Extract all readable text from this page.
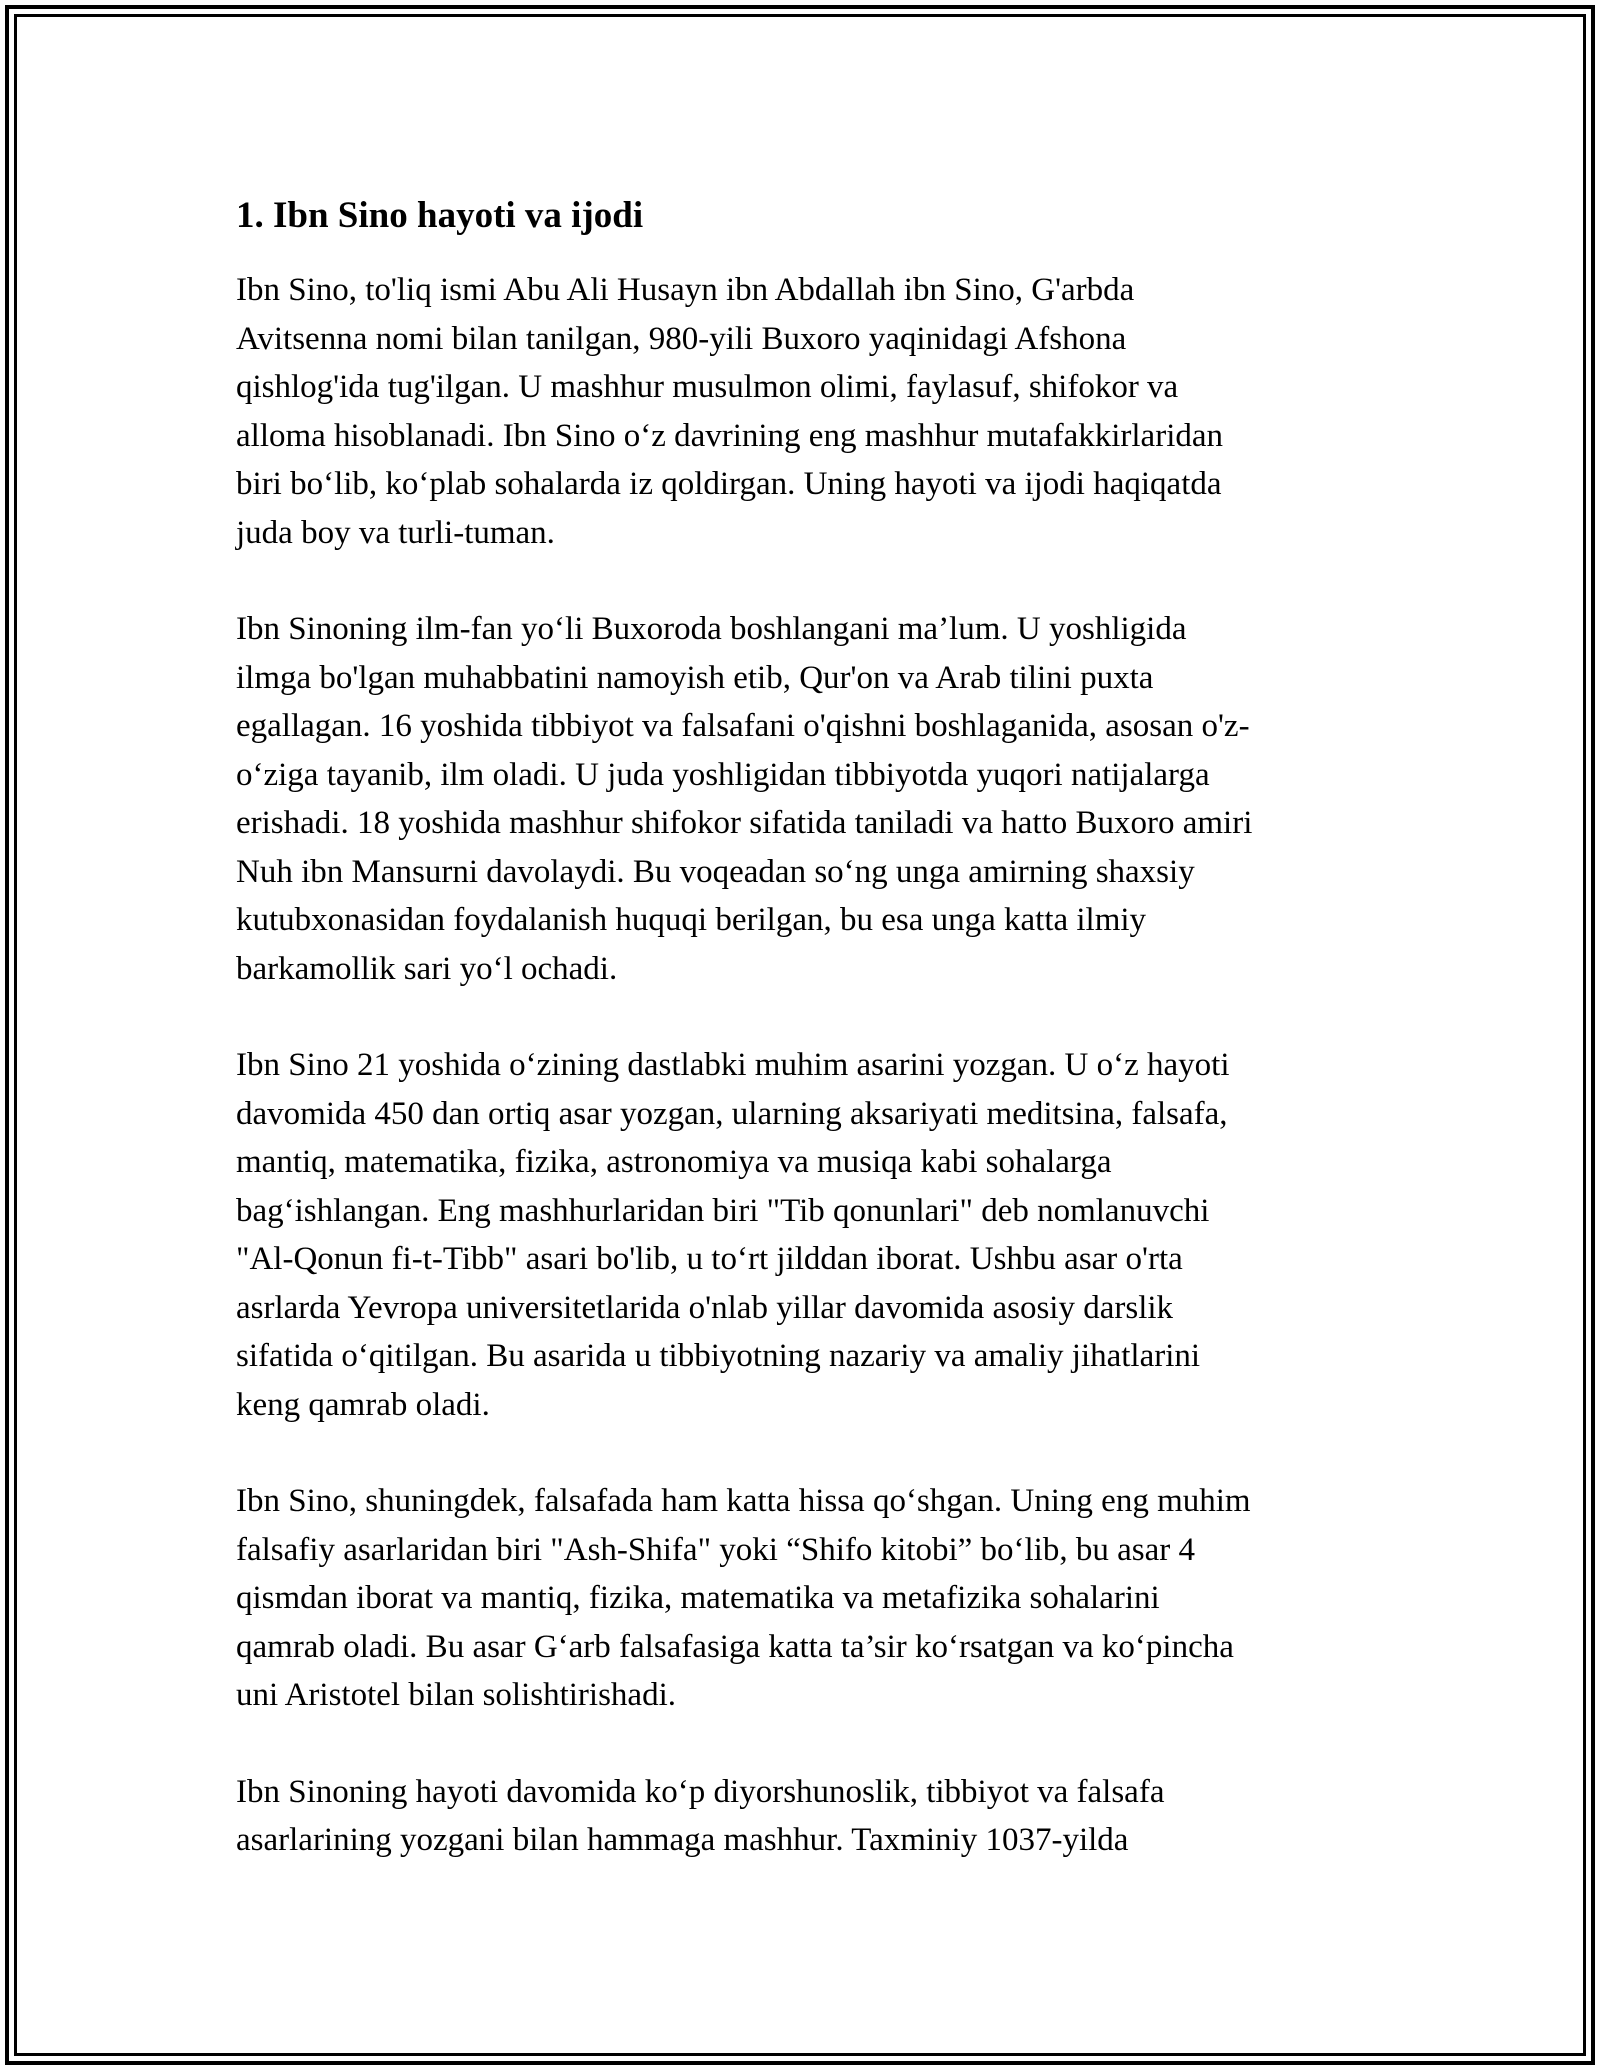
1. Ibn Sino hayoti va ijodi

Ibn Sino, to'liq ismi Abu Ali Husayn ibn Abdallah ibn Sino, G'arbda
Avitsenna nomi bilan tanilgan, 980-yili Buxoro yaqinidagi Afshona
qishlog'ida tug'ilgan. U mashhur musulmon olimi, faylasuf, shifokor va
alloma hisoblanadi. Ibn Sino o‘z davrining eng mashhur mutafakkirlaridan
biri bo‘lib, ko‘plab sohalarda iz qoldirgan. Uning hayoti va ijodi haqiqatda
juda boy va turli-tuman.

Ibn Sinoning ilm-fan yo‘li Buxoroda boshlangani ma’lum. U yoshligida
ilmga bo'lgan muhabbatini namoyish etib, Qur'on va Arab tilini puxta
egallagan. 16 yoshida tibbiyot va falsafani o'qishni boshlaganida, asosan o'z-
o‘ziga tayanib, ilm oladi. U juda yoshligidan tibbiyotda yuqori natijalarga
erishadi. 18 yoshida mashhur shifokor sifatida taniladi va hatto Buxoro amiri
Nuh ibn Mansurni davolaydi. Bu voqeadan so‘ng unga amirning shaxsiy
kutubxonasidan foydalanish huquqi berilgan, bu esa unga katta ilmiy
barkamollik sari yo‘l ochadi.

Ibn Sino 21 yoshida o‘zining dastlabki muhim asarini yozgan. U o‘z hayoti
davomida 450 dan ortiq asar yozgan, ularning aksariyati meditsina, falsafa,
mantiq, matematika, fizika, astronomiya va musiqa kabi sohalarga
bag‘ishlangan. Eng mashhurlaridan biri "Tib qonunlari" deb nomlanuvchi
"Al-Qonun fi-t-Tibb" asari bo'lib, u to‘rt jilddan iborat. Ushbu asar o'rta
asrlarda Yevropa universitetlarida o'nlab yillar davomida asosiy darslik
sifatida o‘qitilgan. Bu asarida u tibbiyotning nazariy va amaliy jihatlarini
keng qamrab oladi.

Ibn Sino, shuningdek, falsafada ham katta hissa qo‘shgan. Uning eng muhim
falsafiy asarlaridan biri "Ash-Shifa" yoki “Shifo kitobi” bo‘lib, bu asar 4
qismdan iborat va mantiq, fizika, matematika va metafizika sohalarini
qamrab oladi. Bu asar G‘arb falsafasiga katta ta’sir ko‘rsatgan va ko‘pincha
uni Aristotel bilan solishtirishadi.

Ibn Sinoning hayoti davomida ko‘p diyorshunoslik, tibbiyot va falsafa
asarlarining yozgani bilan hammaga mashhur. Taxminiy 1037-yilda
